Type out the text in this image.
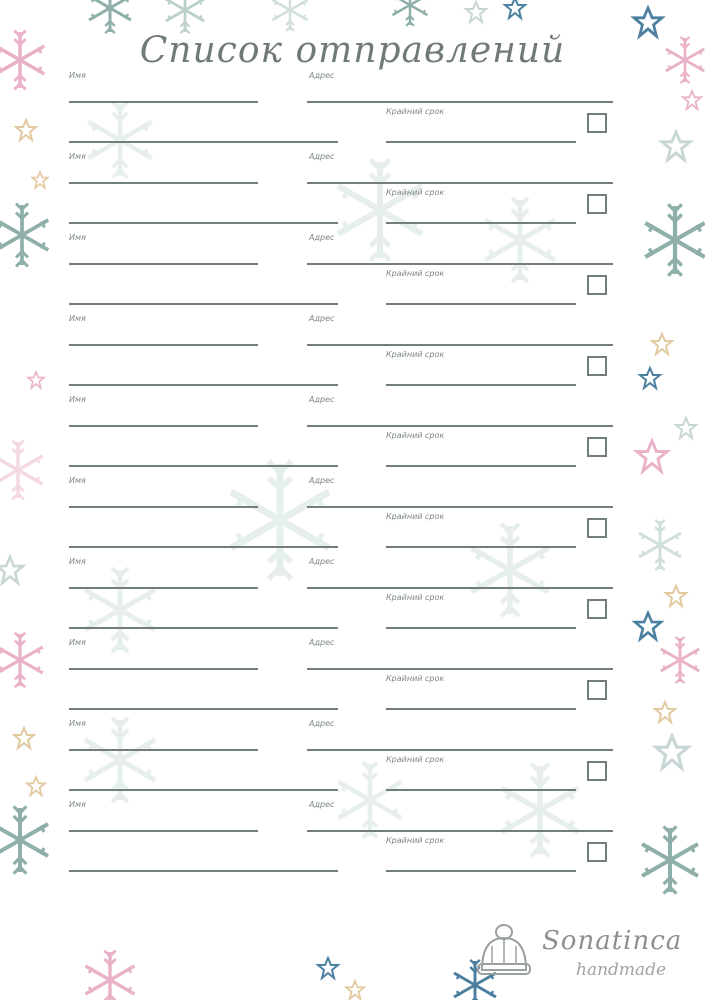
Список отправлений
Имя	Адрес
Крайний срок
Имя	Адрес
Крайний срок
Имя	Адрес
Крайний срок
Имя	Адрес
Крайний срок
Имя	Адрес
Крайний срок
Имя	Адрес
Крайний срок
Имя	Адрес
Крайний срок
Имя	Адрес
Крайний срок
Имя	Адрес
Крайний срок
Имя	Адрес
Крайний срок
Sonatinca
handmade
